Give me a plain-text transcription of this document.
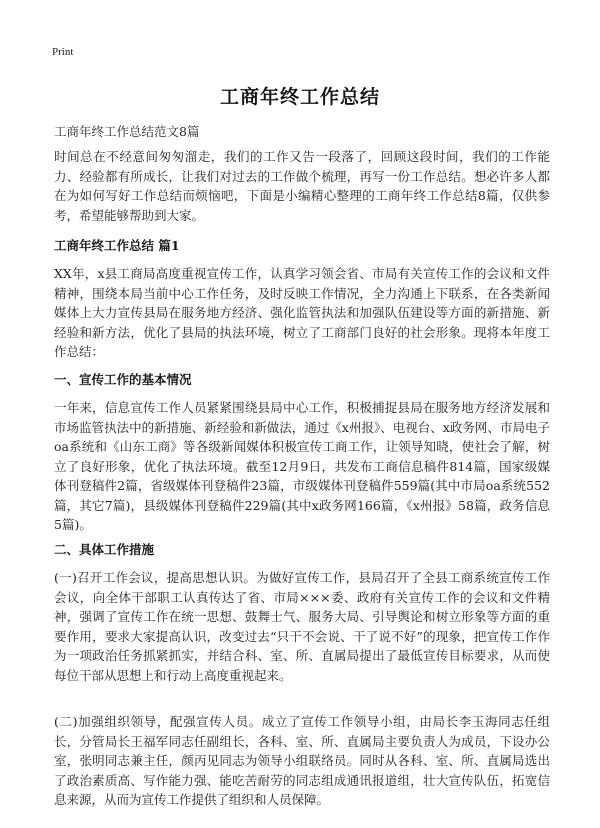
Print
工商年终工作总结
工商年终工作总结范文8篇
时间总在不经意间匆匆溜走，我们的工作又告一段落了，回顾这段时间，我们的工作能力、经验都有所成长，让我们对过去的工作做个梳理，再写一份工作总结。想必许多人都在为如何写好工作总结而烦恼吧，下面是小编精心整理的工商年终工作总结8篇，仅供参考，希望能够帮助到大家。
工商年终工作总结 篇1
XX年，x县工商局高度重视宣传工作，认真学习领会省、市局有关宣传工作的会议和文件精神，围绕本局当前中心工作任务，及时反映工作情况，全力沟通上下联系，在各类新闻媒体上大力宣传县局在服务地方经济、强化监管执法和加强队伍建设等方面的新措施、新经验和新方法，优化了县局的执法环境，树立了工商部门良好的社会形象。现将本年度工作总结：
一、宣传工作的基本情况
一年来，信息宣传工作人员紧紧围绕县局中心工作，积极捕捉县局在服务地方经济发展和市场监管执法中的新措施、新经验和新做法，通过《x州报》、电视台、x政务网、市局电子oa系统和《山东工商》等各级新闻媒体积极宣传工商工作，让领导知晓，使社会了解，树立了良好形象，优化了执法环境。截至12月9日，共发布工商信息稿件814篇，国家级媒体刊登稿件2篇，省级媒体刊登稿件23篇，市级媒体刊登稿件559篇(其中市局oa系统552篇，其它7篇)，县级媒体刊登稿件229篇(其中x政务网166篇，《x州报》58篇，政务信息5篇)。
二、具体工作措施
(一)召开工作会议，提高思想认识。为做好宣传工作，县局召开了全县工商系统宣传工作会议，向全体干部职工认真传达了省、市局×××委、政府有关宣传工作的会议和文件精神，强调了宣传工作在统一思想、鼓舞士气、服务大局、引导舆论和树立形象等方面的重要作用，要求大家提高认识，改变过去“只干不会说、干了说不好”的现象，把宣传工作作为一项政治任务抓紧抓实，并结合科、室、所、直属局提出了最低宣传目标要求，从而使每位干部从思想上和行动上高度重视起来。
(二)加强组织领导，配强宣传人员。成立了宣传工作领导小组，由局长李玉海同志任组长，分管局长王福军同志任副组长，各科、室、所、直属局主要负责人为成员，下设办公室，张明同志兼主任，颜丙见同志为领导小组联络员。同时从各科、室、所、直属局选出了政治素质高、写作能力强、能吃苦耐劳的同志组成通讯报道组，壮大宣传队伍，拓宽信息来源，从而为宣传工作提供了组织和人员保障。
